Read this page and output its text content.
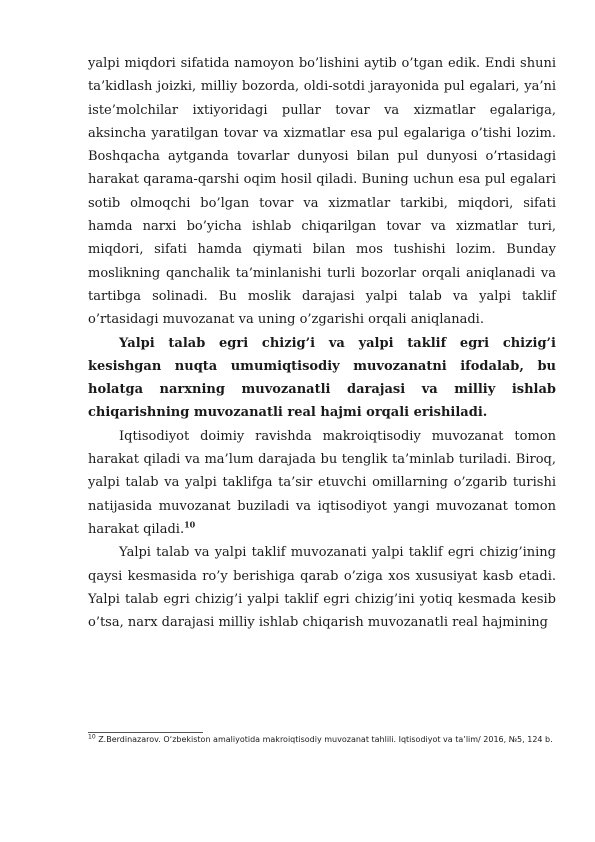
yalpi miqdori sifatida namoyon bo’lishini aytib o’tgan edik. Endi shuni ta’kidlash joizki, milliy bozorda, oldi-sotdi jarayonida pul egalari, ya’ni iste’molchilar ixtiyoridagi pullar tovar va xizmatlar egalariga, aksincha yaratilgan tovar va xizmatlar esa pul egalariga o’tishi lozim. Boshqacha aytganda tovarlar dunyosi bilan pul dunyosi o’rtasidagi harakat qarama-qarshi oqim hosil qiladi. Buning uchun esa pul egalari sotib olmoqchi bo’lgan tovar va xizmatlar tarkibi, miqdori, sifati hamda narxi bo’yicha ishlab chiqarilgan tovar va xizmatlar turi, miqdori, sifati hamda qiymati bilan mos tushishi lozim. Bunday moslikning qanchalik ta’minlanishi turli bozorlar orqali aniqlanadi va tartibga solinadi. Bu moslik darajasi yalpi talab va yalpi taklif o’rtasidagi muvozanat va uning o’zgarishi orqali aniqlanadi.

Yalpi talab egri chizig’i va yalpi taklif egri chizig’i kesishgan nuqta umumiqtisodiy muvozanatni ifodalab, bu holatga narxning muvozanatli darajasi va milliy ishlab chiqarishning muvozanatli real hajmi orqali erishiladi.

Iqtisodiyot doimiy ravishda makroiqtisodiy muvozanat tomon harakat qiladi va ma’lum darajada bu tenglik ta’minlab turiladi. Biroq, yalpi talab va yalpi taklifga ta’sir etuvchi omillarning o’zgarib turishi natijasida muvozanat buziladi va iqtisodiyot yangi muvozanat tomon harakat qiladi.$^{10}$

Yalpi talab va yalpi taklif muvozanati yalpi taklif egri chizig’ining qaysi kesmasida ro’y berishiga qarab o’ziga xos xususiyat kasb etadi. Yalpi talab egri chizig’i yalpi taklif egri chizig’ini yotiq kesmada kesib o’tsa, narx darajasi milliy ishlab chiqarish muvozanatli real hajmining

$^{10}$ Z.Berdinazarov. O‘zbekiston amaliyotida makroiqtisodiy muvozanat tahlili. Iqtisodiyot va ta’lim/ 2016, №5, 124 b.
